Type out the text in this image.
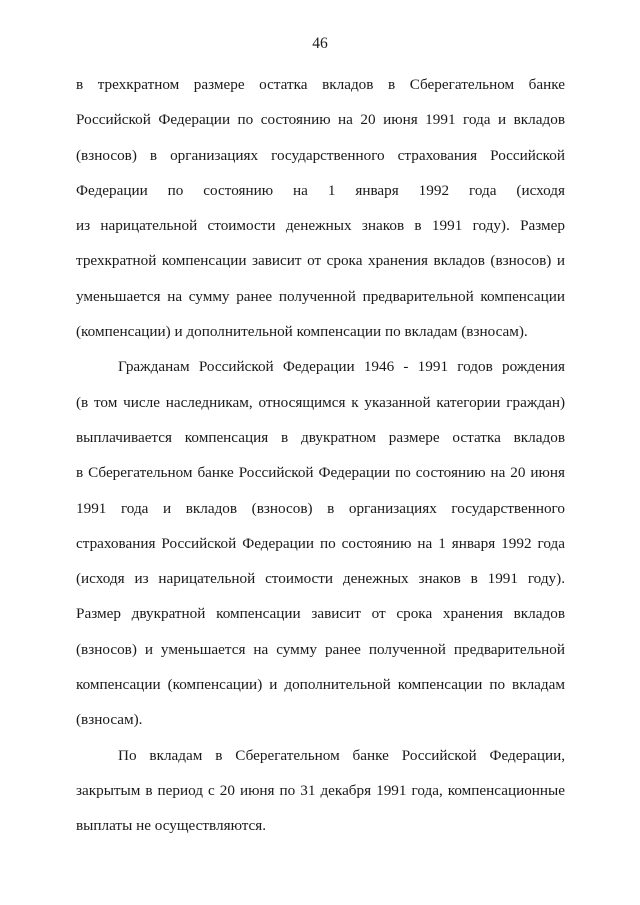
46
в трехкратном размере остатка вкладов в Сберегательном банке
Российской Федерации по состоянию на 20 июня 1991 года и вкладов
(взносов) в организациях государственного страхования Российской
Федерации по состоянию на 1 января 1992 года (исходя
из нарицательной стоимости денежных знаков в 1991 году). Размер
трехкратной компенсации зависит от срока хранения вкладов (взносов) и
уменьшается на сумму ранее полученной предварительной компенсации
(компенсации) и дополнительной компенсации по вкладам (взносам).
Гражданам Российской Федерации 1946 - 1991 годов рождения
(в том числе наследникам, относящимся к указанной категории граждан)
выплачивается компенсация в двукратном размере остатка вкладов
в Сберегательном банке Российской Федерации по состоянию на 20 июня
1991 года и вкладов (взносов) в организациях государственного
страхования Российской Федерации по состоянию на 1 января 1992 года
(исходя из нарицательной стоимости денежных знаков в 1991 году).
Размер двукратной компенсации зависит от срока хранения вкладов
(взносов) и уменьшается на сумму ранее полученной предварительной
компенсации (компенсации) и дополнительной компенсации по вкладам
(взносам).
По вкладам в Сберегательном банке Российской Федерации,
закрытым в период с 20 июня по 31 декабря 1991 года, компенсационные
выплаты не осуществляются.
